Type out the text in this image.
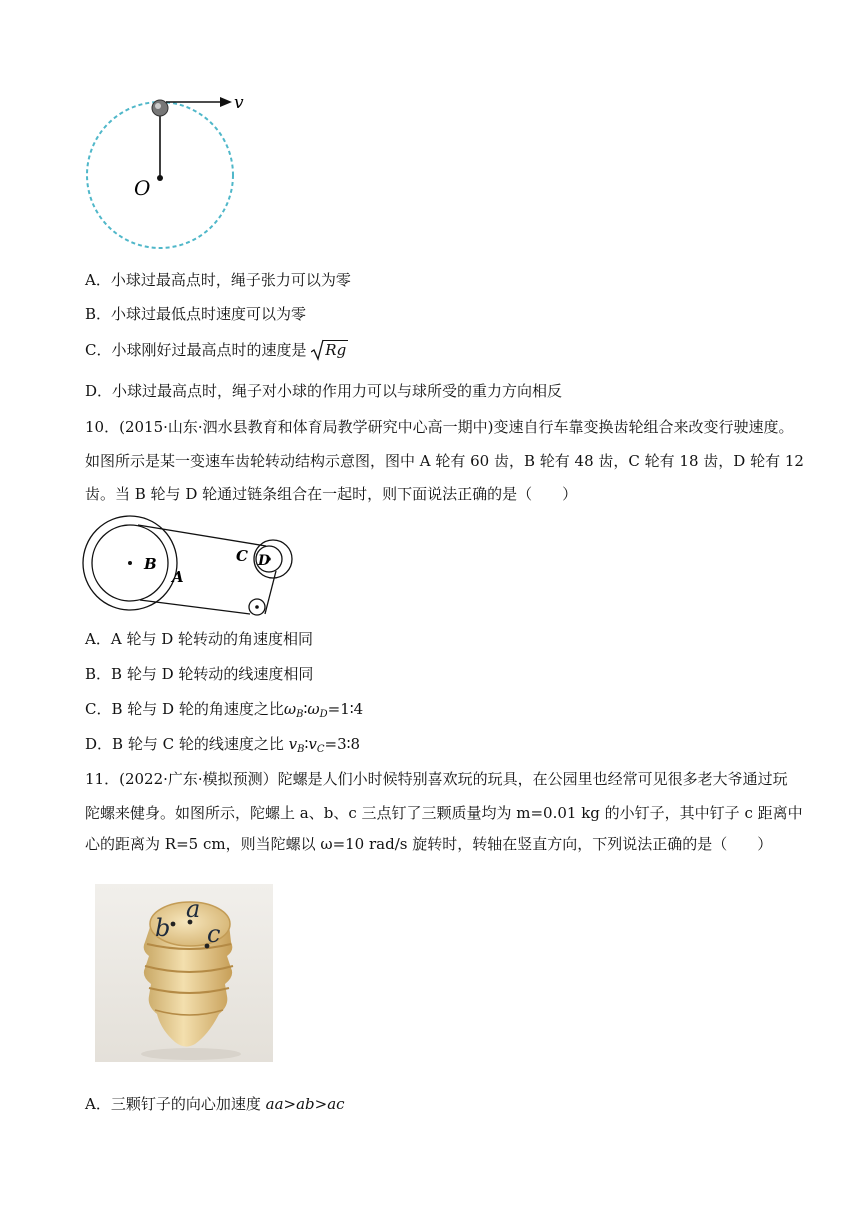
v
O
A．小球过最高点时，绳子张力可以为零
B．小球过最低点时速度可以为零
C．小球刚好过最高点时的速度是 Rg
D．小球过最高点时，绳子对小球的作用力可以与球所受的重力方向相反
10．(2015·山东·泗水县教育和体育局教学研究中心高一期中)变速自行车靠变换齿轮组合来改变行驶速度。
如图所示是某一变速车齿轮转动结构示意图，图中 A 轮有 60 齿，B 轮有 48 齿，C 轮有 18 齿，D 轮有 12
齿。当 B 轮与 D 轮通过链条组合在一起时，则下面说法正确的是（　　）
B
A
C D
A．A 轮与 D 轮转动的角速度相同
B．B 轮与 D 轮转动的线速度相同
C．B 轮与 D 轮的角速度之比$\omega_B∶\omega_D=1∶4$
D．B 轮与 C 轮的线速度之比 $v_B∶v_C=3∶8$
11．(2022·广东·模拟预测）陀螺是人们小时候特别喜欢玩的玩具，在公园里也经常可见很多老大爷通过玩
陀螺来健身。如图所示，陀螺上 a、b、c 三点钉了三颗质量均为 m=0.01 kg 的小钉子，其中钉子 c 距离中
心的距离为 R=5 cm，则当陀螺以 ω=10 rad/s 旋转时，转轴在竖直方向，下列说法正确的是（　　）
a
b c
A．三颗钉子的向心加速度 aa>ab>ac
